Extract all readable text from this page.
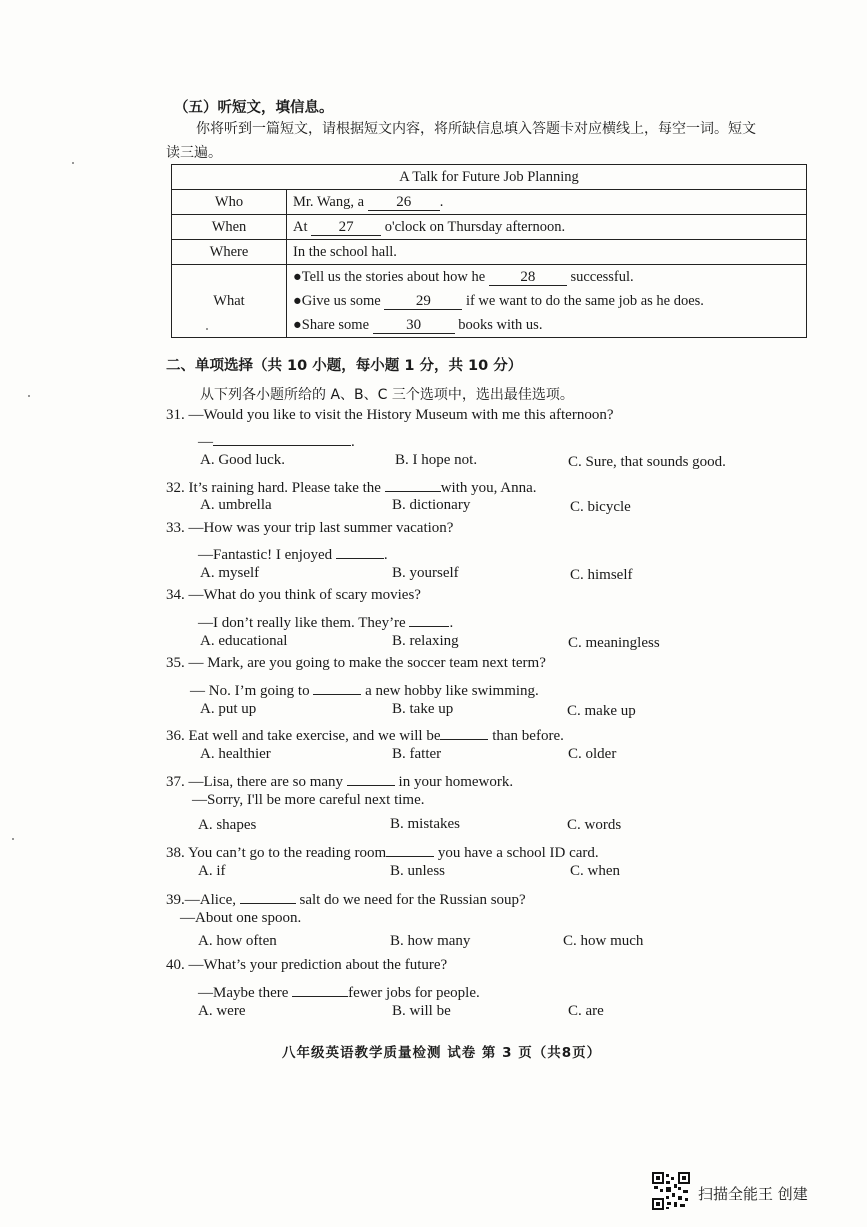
（五）听短文，填信息。
你将听到一篇短文，请根据短文内容，将所缺信息填入答题卡对应横线上，每空一词。短文
读三遍。
A Talk for Future Job Planning	
Who	Mr. Wang, a 26 .
When	At 27 o'clock on Thursday afternoon.
Where	In the school hall.
What	●Tell us the stories about how he 28 successful.
●Give us some 29 if we want to do the same job as he does.
●Share some 30 books with us.
二、单项选择（共 10 小题，每小题 1 分，共 10 分）
从下列各小题所给的 A、B、C 三个选项中，选出最佳选项。
31. —Would you like to visit the History Museum with me this afternoon?
—	.
A. Good luck.	B. I hope not.	C. Sure, that sounds good.
32. It’s raining hard. Please take the	with you, Anna.
A. umbrella	B. dictionary	C. bicycle
33. —How was your trip last summer vacation?
—Fantastic! I enjoyed	.
A. myself	B. yourself	C. himself
34. —What do you think of scary movies?
—I don’t really like them. They’re	.
A. educational	B. relaxing	C. meaningless
35. — Mark, are you going to make the soccer team next term?
— No. I’m going to	a new hobby like swimming.
A. put up	B. take up	C. make up
36. Eat well and take exercise, and we will be	than before.
A. healthier	B. fatter	C. older
37. —Lisa, there are so many	in your homework.
—Sorry, I'll be more careful next time.
A. shapes	B. mistakes	C. words
38. You can’t go to the reading room	you have a school ID card.
A. if	B. unless	C. when
39.—Alice,	salt do we need for the Russian soup?
—About one spoon.
A. how often	B. how many	C. how much
40. —What’s your prediction about the future?
—Maybe there	fewer jobs for people.
A. were	B. will be	C. are
八年级英语教学质量检测 试卷 第 3 页（共8页）
扫描全能王 创建
